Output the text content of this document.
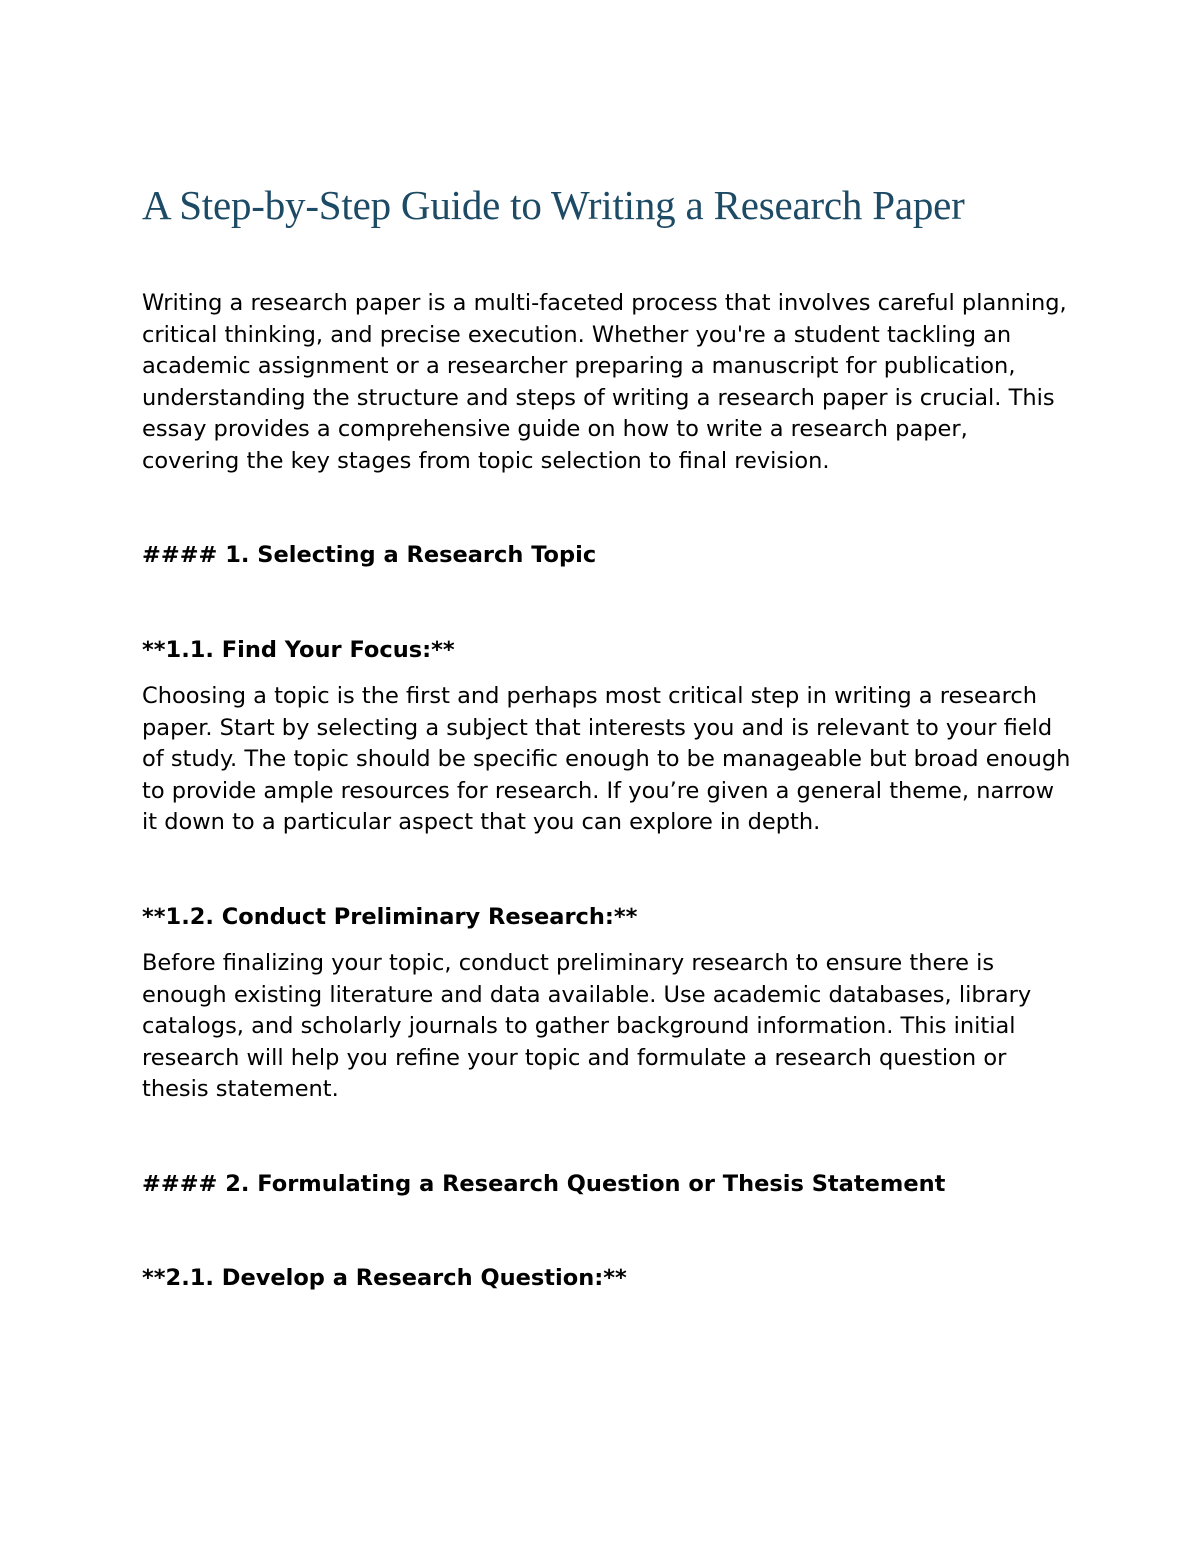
A Step-by-Step Guide to Writing a Research Paper

Writing a research paper is a multi-faceted process that involves careful planning, critical thinking, and precise execution. Whether you're a student tackling an academic assignment or a researcher preparing a manuscript for publication, understanding the structure and steps of writing a research paper is crucial. This essay provides a comprehensive guide on how to write a research paper, covering the key stages from topic selection to final revision.

#### 1. Selecting a Research Topic

**1.1. Find Your Focus:**

Choosing a topic is the first and perhaps most critical step in writing a research paper. Start by selecting a subject that interests you and is relevant to your field of study. The topic should be specific enough to be manageable but broad enough to provide ample resources for research. If you’re given a general theme, narrow it down to a particular aspect that you can explore in depth.

**1.2. Conduct Preliminary Research:**

Before finalizing your topic, conduct preliminary research to ensure there is enough existing literature and data available. Use academic databases, library catalogs, and scholarly journals to gather background information. This initial research will help you refine your topic and formulate a research question or thesis statement.

#### 2. Formulating a Research Question or Thesis Statement

**2.1. Develop a Research Question:**
